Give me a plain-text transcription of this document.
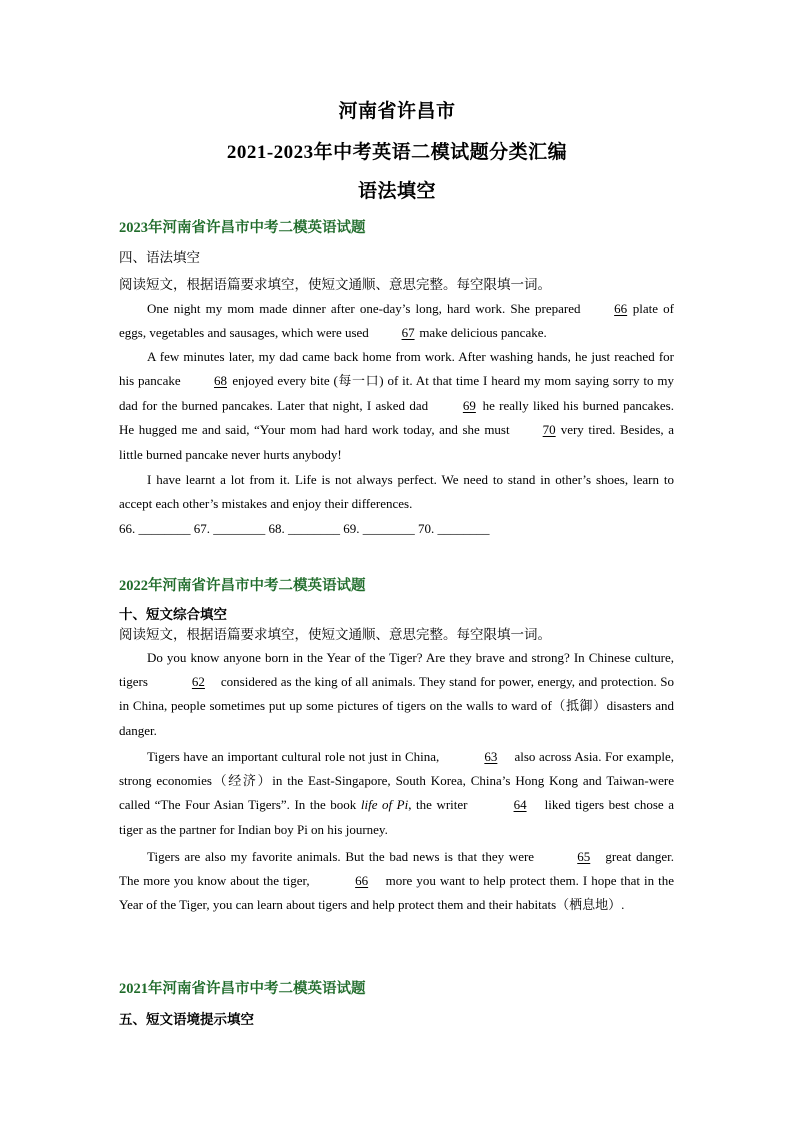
河南省许昌市
2021-2023年中考英语二模试题分类汇编
语法填空
2023年河南省许昌市中考二模英语试题
四、语法填空
阅读短文，根据语篇要求填空，使短文通顺、意思完整。每空限填一词。

One night my mom made dinner after one-day’s long, hard work. She prepared 66 plate of eggs, vegetables and sausages, which were used 67 make delicious pancake.

A few minutes later, my dad came back home from work. After washing hands, he just reached for his pancake 68 enjoyed every bite (每一口) of it. At that time I heard my mom saying sorry to my dad for the burned pancakes. Later that night, I asked dad 69 he really liked his burned pancakes. He hugged me and said, “Your mom had hard work today, and she must 70 very tired. Besides, a little burned pancake never hurts anybody!

I have learnt a lot from it. Life is not always perfect. We need to stand in other’s shoes, learn to accept each other’s mistakes and enjoy their differences.

66. ________ 67. ________ 68. ________ 69. ________ 70. ________
2022年河南省许昌市中考二模英语试题
十、短文综合填空
阅读短文，根据语篇要求填空，使短文通顺、意思完整。每空限填一词。

Do you know anyone born in the Year of the Tiger? Are they brave and strong? In Chinese culture, tigers	62 considered as the king of all animals. They stand for power, energy, and protection. So in China, people sometimes put up some pictures of tigers on the walls to ward of（抵御）disasters and danger.

Tigers have an important cultural role not just in China,	63 also across Asia. For example, strong economies（经济）in the East-Singapore, South Korea, China’s Hong Kong and Taiwan-were called “The Four Asian Tigers”. In the book life of Pi, the writer	64 liked tigers best chose a tiger as the partner for Indian boy Pi on his journey.

Tigers are also my favorite animals. But the bad news is that they were	65 great danger. The more you know about the tiger,	66 more you want to help protect them. I hope that in the Year of the Tiger, you can learn about tigers and help protect them and their habitats（栖息地）.

2021年河南省许昌市中考二模英语试题
五、短文语境提示填空
